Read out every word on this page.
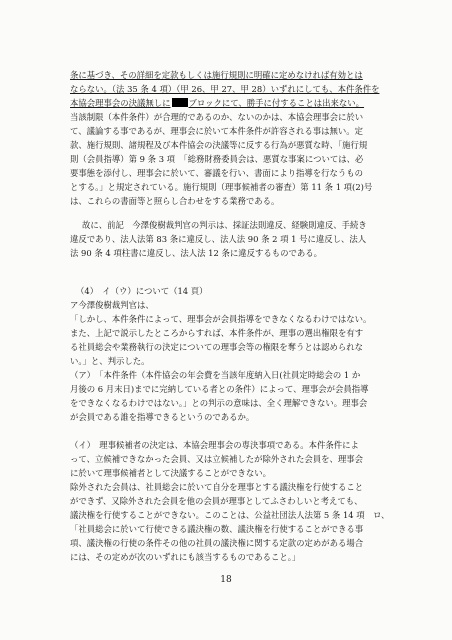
条に基づき、その詳細を定款もしくは施行規則に明確に定めなければ有効とは
ならない。（法 35 条 4 項）（甲 26、甲 27、甲 28）いずれにしても、本件条件を
本協会理事会の決議無しに ブロックにて、勝手に付することは出来ない。
当該制限（本件条件）が合理的であるのか、ないのかは、本協会理事会に於い
て、議論する事であるが、理事会に於いて本件条件が許容される事は無い。定
款、施行規則、諸規程及び本件協会の決議等に反する行為が悪質な時、「施行規
則（会員指導）第 9 条 3 項　「総務財務委員会は、悪質な事案については、必
要事態を添付し、理事会に於いて、審議を行い、書面により指導を行なうもの
とする。」と規定されている。施行規則（理事候補者の審査）第 11 条 1 項(2)号
は、これらの書面等と照らし合わせをする業務である。
故に、前記　今澤俊樹裁判官の判示は、採証法則違反、経験則違反、手続き
違反であり、法人法第 83 条に違反し、法人法 90 条 2 項 1 号に違反し、法人
法 90 条 4 項柱書に違反し、法人法 12 条に違反するものである。
（4）　イ（ウ）について（14 頁）
ア今澤俊樹裁判官は、
「しかし、本件条件によって、理事会が会員指導をできなくなるわけではない。
また、上記で説示したところからすれば、本件条件が、理事の選出権限を有す
る社員総会や業務執行の決定についての理事会等の権限を奪うとは認められな
い。」と、判示した。
（ア）　「本件条件（本件協会の年会費を当該年度納入日(社員定時総会の 1 か
月後の 6 月末日)までに完納している者との条件）によって、理事会が会員指導
をできなくなるわけではない。」との判示の意味は、全く理解できない。理事会
が会員である誰を指導できるというのであるか。
（イ）　理事候補者の決定は、本協会理事会の専決事項である。本件条件によ
って、立候補できなかった会員、又は立候補したが除外された会員を、理事会
に於いて理事候補者として決議することができない。
除外された会員は、社員総会に於いて自分を理事とする議決権を行使すること
ができず、又除外された会員を他の会員が理事としてふさわしいと考えても、
議決権を行使することができない。このことは、公益社団法人法第 5 条 14 項　ロ、
「社員総会に於いて行使できる議決権の数、議決権を行使することができる事
項、議決権の行使の条件その他の社員の議決権に関する定款の定めがある場合
には、その定めが次のいずれにも該当するものであること。」
18
